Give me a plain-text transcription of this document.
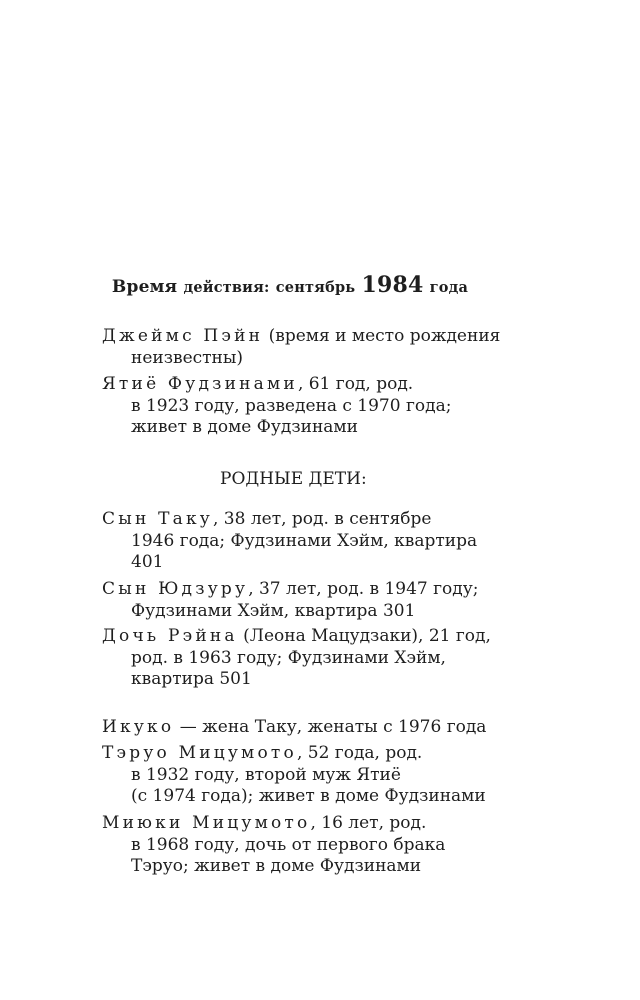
Время действия: сентябрь 1984 года
Джеймс Пэйн (время и место рождения
неизвестны)
Ятиё Фудзинами, 61 год, род.
в 1923 году, разведена с 1970 года;
живет в доме Фудзинами
РОДНЫЕ ДЕТИ:
Сын Таку, 38 лет, род. в сентябре
1946 года; Фудзинами Хэйм, квартира
401
Сын Юдзуру, 37 лет, род. в 1947 году;
Фудзинами Хэйм, квартира 301
Дочь Рэйна (Леона Мацудзаки), 21 год,
род. в 1963 году; Фудзинами Хэйм,
квартира 501
Икуко — жена Таку, женаты с 1976 года
Тэруо Мицумото, 52 года, род.
в 1932 году, второй муж Ятиё
(с 1974 года); живет в доме Фудзинами
Миюки Мицумото, 16 лет, род.
в 1968 году, дочь от первого брака
Тэруо; живет в доме Фудзинами
